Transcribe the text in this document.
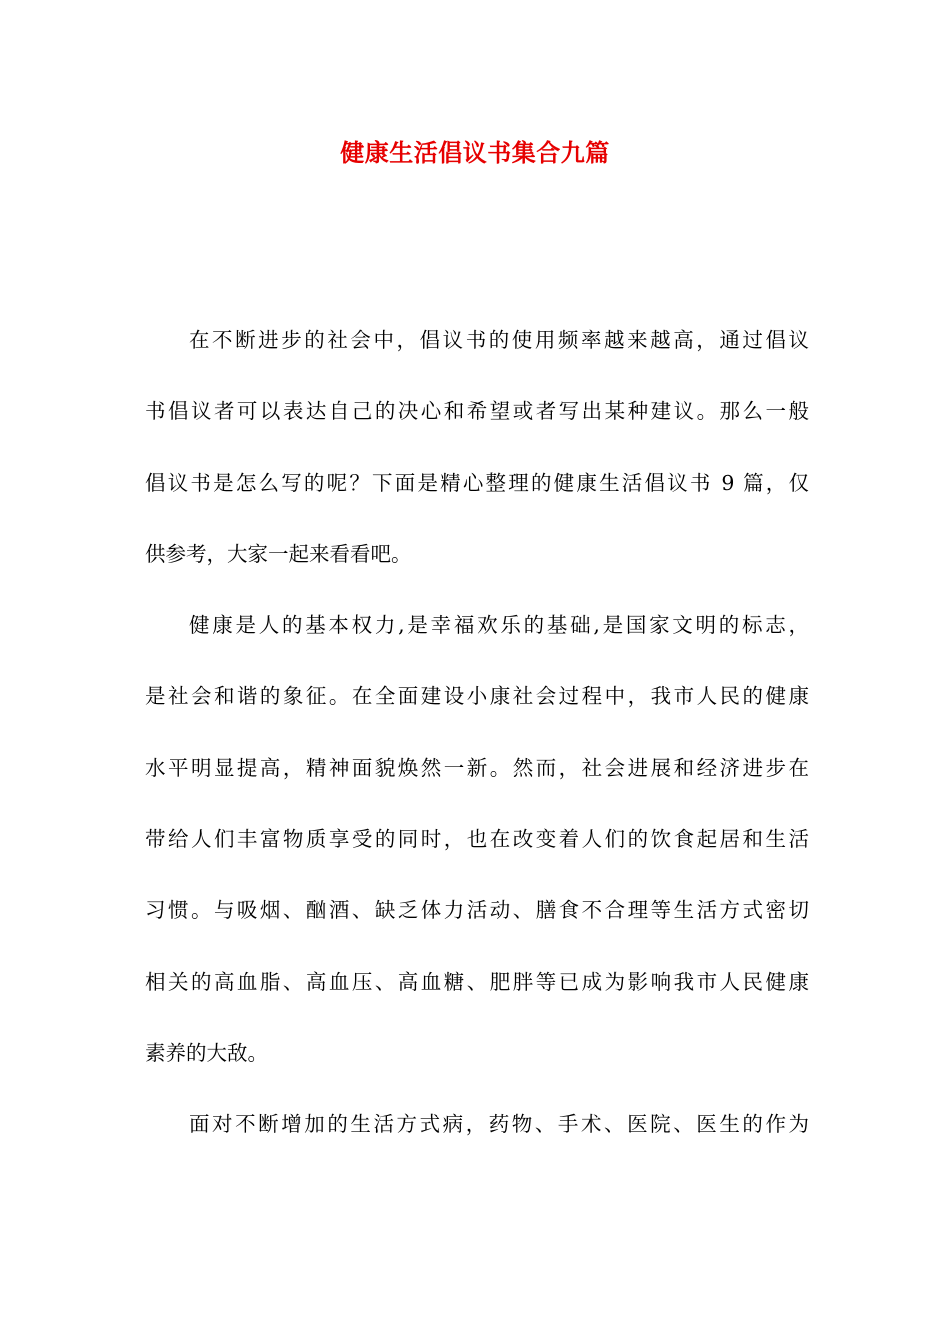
健康生活倡议书集合九篇
在不断进步的社会中，倡议书的使用频率越来越高，通过倡议
书倡议者可以表达自己的决心和希望或者写出某种建议。那么一般
倡议书是怎么写的呢？下面是精心整理的健康生活倡议书 9 篇，仅
供参考，大家一起来看看吧。
健康是人的基本权力,是幸福欢乐的基础,是国家文明的标志，
是社会和谐的象征。在全面建设小康社会过程中，我市人民的健康
水平明显提高，精神面貌焕然一新。然而，社会进展和经济进步在
带给人们丰富物质享受的同时，也在改变着人们的饮食起居和生活
习惯。与吸烟、酗酒、缺乏体力活动、膳食不合理等生活方式密切
相关的高血脂、高血压、高血糖、肥胖等已成为影响我市人民健康
素养的大敌。
面对不断增加的生活方式病，药物、手术、医院、医生的作为
